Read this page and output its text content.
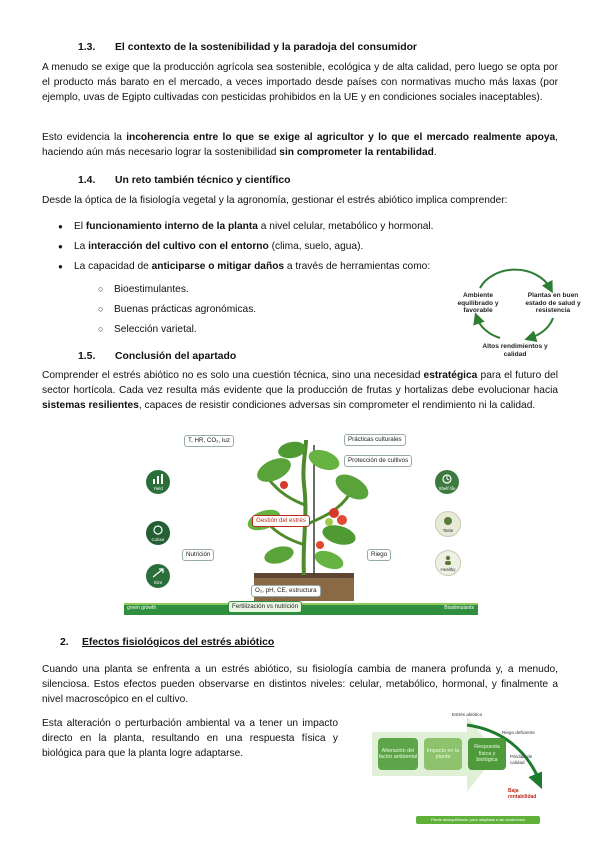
1.3. El contexto de la sostenibilidad y la paradoja del consumidor

A menudo se exige que la producción agrícola sea sostenible, ecológica y de alta calidad, pero luego se opta por el producto más barato en el mercado, a veces importado desde países con normativas mucho más laxas (por ejemplo, uvas de Egipto cultivadas con pesticidas prohibidos en la UE y en condiciones sociales inaceptables).

Esto evidencia la incoherencia entre lo que se exige al agricultor y lo que el mercado realmente apoya, haciendo aún más necesario lograr la sostenibilidad sin comprometer la rentabilidad.

1.4. Un reto también técnico y científico

Desde la óptica de la fisiología vegetal y la agronomía, gestionar el estrés abiótico implica comprender:

● El funcionamiento interno de la planta a nivel celular, metabólico y hormonal.
● La interacción del cultivo con el entorno (clima, suelo, agua).
● La capacidad de anticiparse o mitigar daños a través de herramientas como:
○ Bioestimulantes.
○ Buenas prácticas agronómicas.
○ Selección varietal.
Ambiente equilibrado y favorable
Plantas en buen estado de salud y resistencia
Altos rendimientos y calidad
1.5. Conclusión del apartado

Comprender el estrés abiótico no es solo una cuestión técnica, sino una necesidad estratégica para el futuro del sector hortícola. Cada vez resulta más evidente que la producción de frutas y hortalizas debe evolucionar hacia sistemas resilientes, capaces de resistir condiciones adversas sin comprometer el rendimiento ni la calidad.

Yield
Colour
Size
Shelf life
Taste
Healthy
T, HR, CO₂, luz	Prácticas culturales
Protección de cultivos
Gestión del estrés
Nutrición	Riego
O₂, pH, CE, estructura
Fertilización vs nutrición
green growth	Biostimulants
2. Efectos fisiológicos del estrés abiótico

Cuando una planta se enfrenta a un estrés abiótico, su fisiología cambia de manera profunda y, a menudo, silenciosa. Estos efectos pueden observarse en distintos niveles: celular, metabólico, hormonal, y finalmente a nivel macroscópico en el cultivo.

Esta alteración o perturbación ambiental va a tener un impacto directo en la planta, resultando en una respuesta física y biológica para que la planta logre adaptarse.	Alteración del factor ambiental
Impacto en la planta
Respuesta física y biológica
Estrés abiótico
Riego deficiente
Pérdida de calidad
Baja rentabilidad
Planta desequilibrada, poco adaptada a las condiciones
